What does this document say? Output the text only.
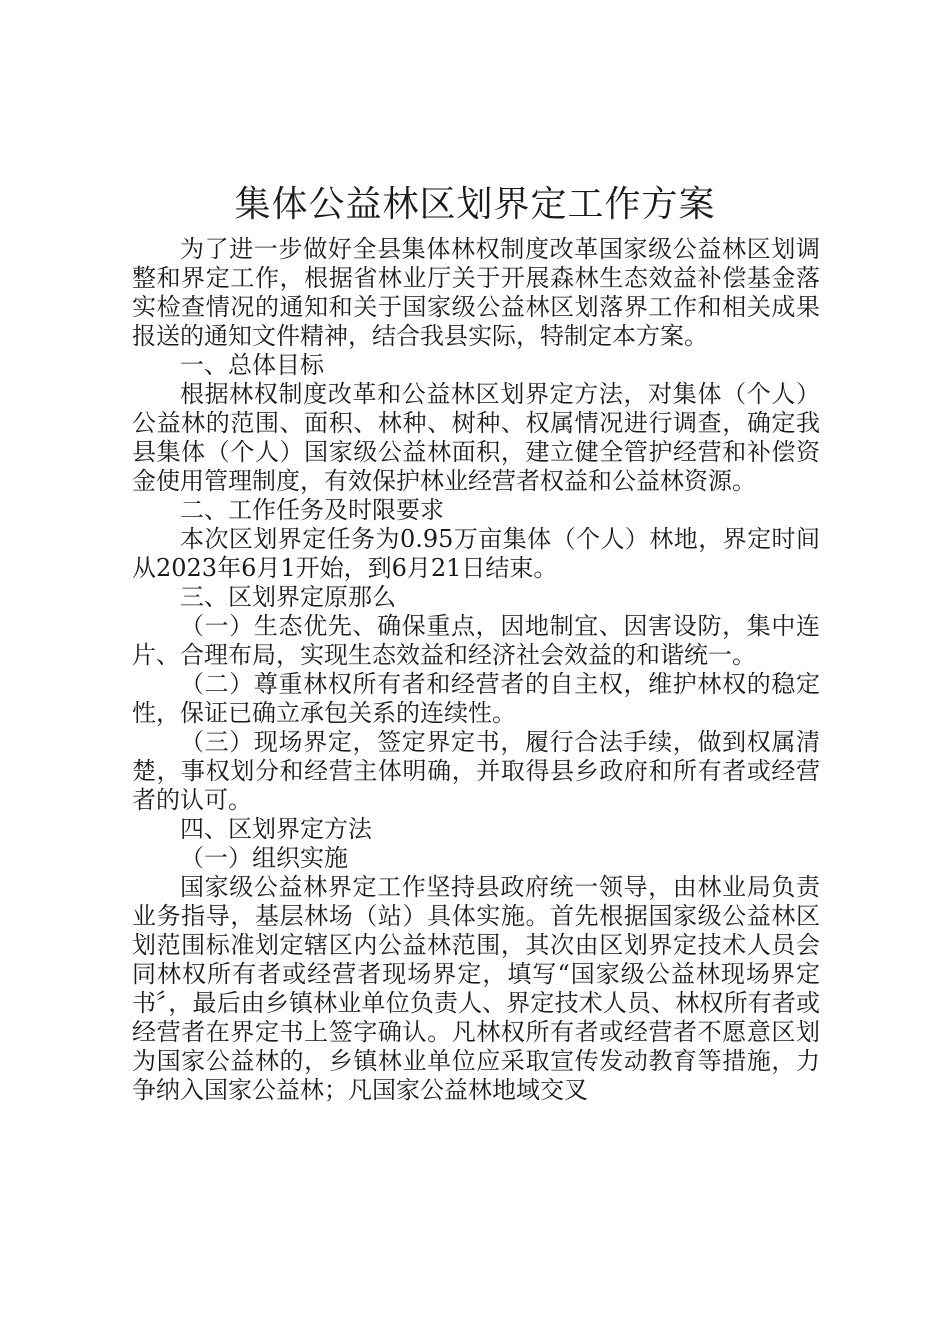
集体公益林区划界定工作方案

为了进一步做好全县集体林权制度改革国家级公益林区划调整和界定工作，根据省林业厅关于开展森林生态效益补偿基金落实检查情况的通知和关于国家级公益林区划落界工作和相关成果报送的通知文件精神，结合我县实际，特制定本方案。

一、总体目标

根据林权制度改革和公益林区划界定方法，对集体（个人）公益林的范围、面积、林种、树种、权属情况进行调查，确定我县集体（个人）国家级公益林面积，建立健全管护经营和补偿资金使用管理制度，有效保护林业经营者权益和公益林资源。

二、工作任务及时限要求

本次区划界定任务为0.95万亩集体（个人）林地，界定时间从2023年6月1开始，到6月21日结束。

三、区划界定原那么

（一）生态优先、确保重点，因地制宜、因害设防，集中连片、合理布局，实现生态效益和经济社会效益的和谐统一。

（二）尊重林权所有者和经营者的自主权，维护林权的稳定性，保证已确立承包关系的连续性。

（三）现场界定，签定界定书，履行合法手续，做到权属清楚，事权划分和经营主体明确，并取得县乡政府和所有者或经营者的认可。

四、区划界定方法

（一）组织实施

国家级公益林界定工作坚持县政府统一领导，由林业局负责业务指导，基层林场（站）具体实施。首先根据国家级公益林区划范围标准划定辖区内公益林范围，其次由区划界定技术人员会同林权所有者或经营者现场界定，填写“国家级公益林现场界定书〞，最后由乡镇林业单位负责人、界定技术人员、林权所有者或经营者在界定书上签字确认。凡林权所有者或经营者不愿意区划为国家公益林的，乡镇林业单位应采取宣传发动教育等措施，力争纳入国家公益林；凡国家公益林地域交叉
